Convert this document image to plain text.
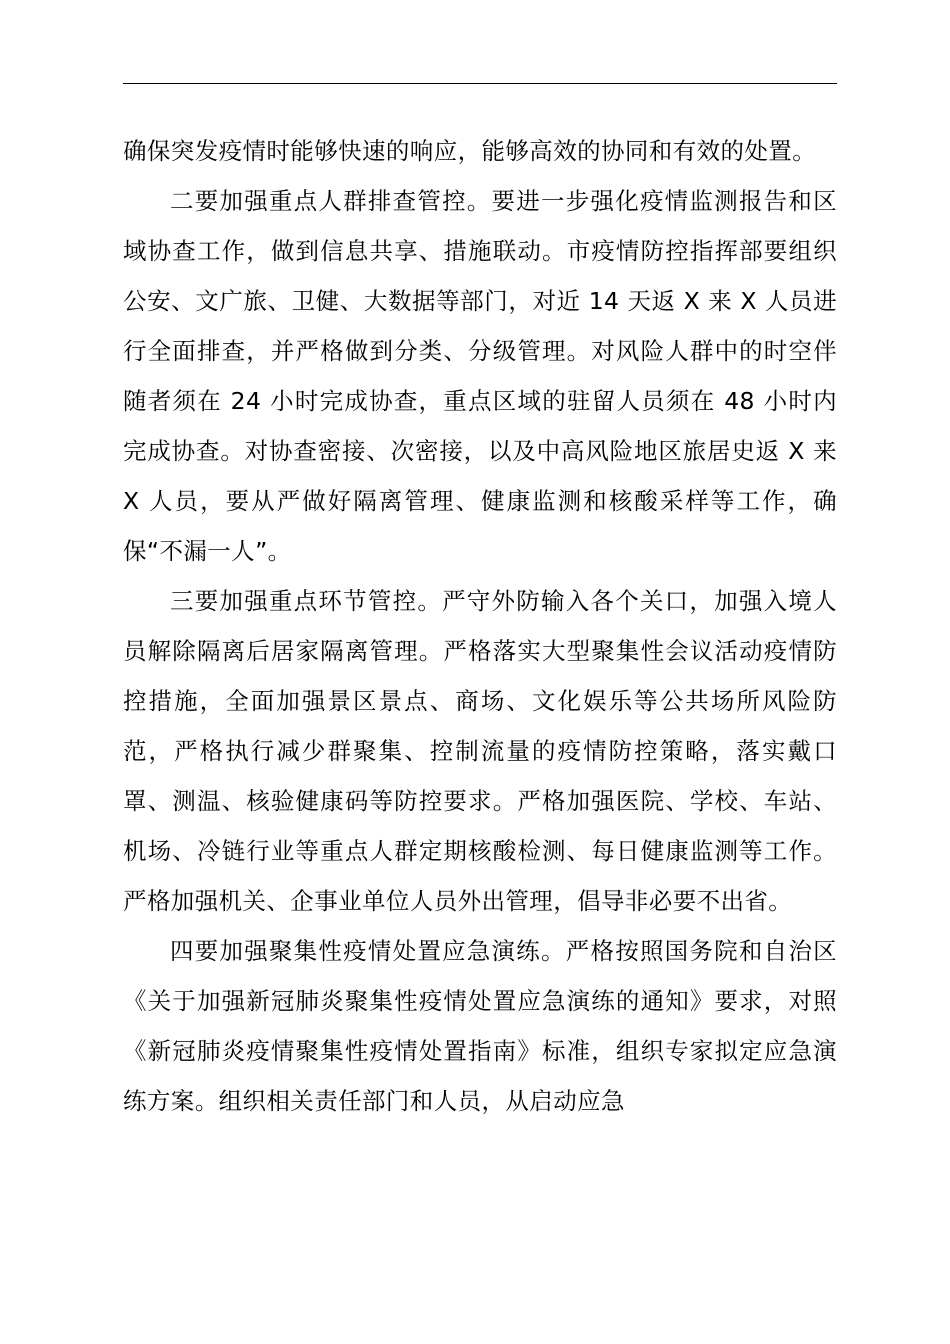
确保突发疫情时能够快速的响应，能够高效的协同和有效的处置。

二要加强重点人群排查管控。要进一步强化疫情监测报告和区域协查工作，做到信息共享、措施联动。市疫情防控指挥部要组织公安、文广旅、卫健、大数据等部门，对近 14 天返 X 来 X 人员进行全面排查，并严格做到分类、分级管理。对风险人群中的时空伴随者须在 24 小时完成协查，重点区域的驻留人员须在 48 小时内完成协查。对协查密接、次密接，以及中高风险地区旅居史返 X 来 X 人员，要从严做好隔离管理、健康监测和核酸采样等工作，确保“不漏一人”。

三要加强重点环节管控。严守外防输入各个关口，加强入境人员解除隔离后居家隔离管理。严格落实大型聚集性会议活动疫情防控措施，全面加强景区景点、商场、文化娱乐等公共场所风险防范，严格执行减少群聚集、控制流量的疫情防控策略，落实戴口罩、测温、核验健康码等防控要求。严格加强医院、学校、车站、机场、冷链行业等重点人群定期核酸检测、每日健康监测等工作。严格加强机关、企事业单位人员外出管理，倡导非必要不出省。

四要加强聚集性疫情处置应急演练。严格按照国务院和自治区《关于加强新冠肺炎聚集性疫情处置应急演练的通知》要求，对照《新冠肺炎疫情聚集性疫情处置指南》标准，组织专家拟定应急演练方案。组织相关责任部门和人员，从启动应急
